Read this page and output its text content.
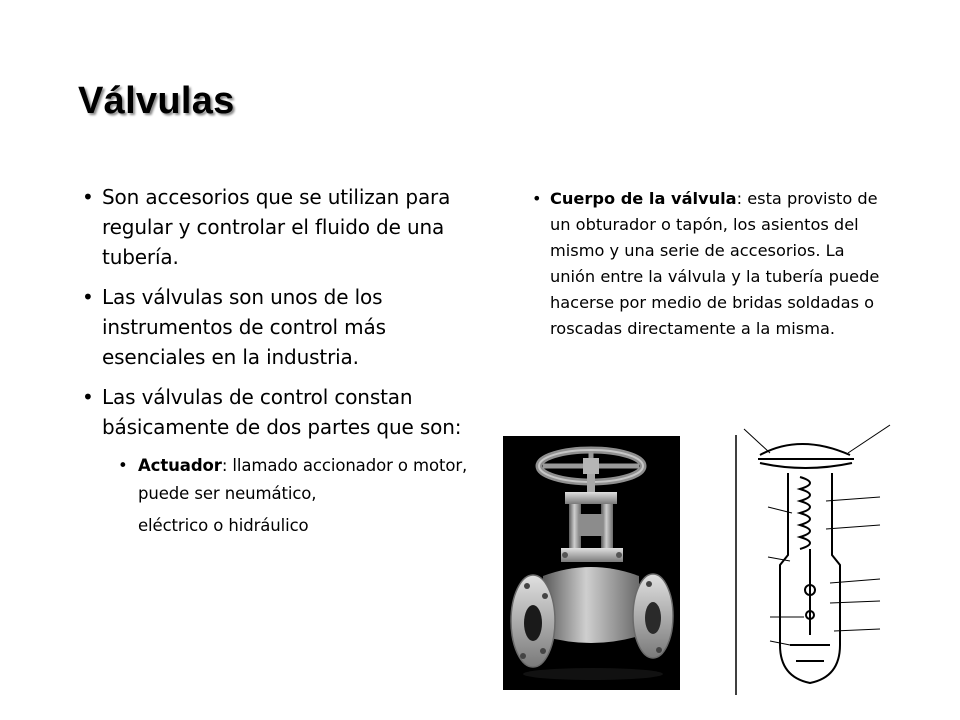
Válvulas
• Son accesorios que se utilizan para regular y controlar el fluido de una tubería.
• Las válvulas son unos de los instrumentos de control más esenciales en la industria.
• Las válvulas de control constan básicamente de dos partes que son:
• Actuador: llamado accionador o motor, puede ser neumático,
eléctrico o hidráulico
• Cuerpo de la válvula: esta provisto de un obturador o tapón, los asientos del mismo y una serie de accesorios. La unión entre la válvula y la tubería puede hacerse por medio de bridas soldadas o roscadas directamente a la misma.
